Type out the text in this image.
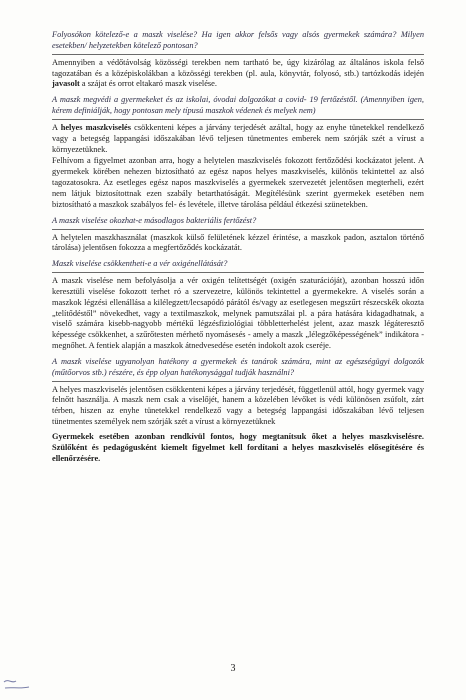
Folyosókon kötelező-e a maszk viselése? Ha igen akkor felsős vagy alsós gyermekek számára? Milyen esetekben/ helyzetekben kötelező pontosan?

Amennyiben a védőtávolság közösségi terekben nem tartható be, úgy kizárólag az általános iskola felső tagozatában és a középiskolákban a közösségi terekben (pl. aula, könyvtár, folyosó, stb.) tartózkodás idején javasolt a szájat és orrot eltakaró maszk viselése.

A maszk megvédi a gyermekeket és az iskolai, óvodai dolgozókat a covid- 19 fertőzéstől. (Amennyiben igen, kérem definiálják, hogy pontosan mely típusú maszkok védenek és melyek nem)

A helyes maszkviselés csökkenteni képes a járvány terjedését azáltal, hogy az enyhe tünetekkel rendelkező vagy a betegség lappangási időszakában lévő teljesen tünetmentes emberek nem szórják szét a vírust a környezetüknek.

Felhívom a figyelmet azonban arra, hogy a helytelen maszkviselés fokozott fertőződési kockázatot jelent. A gyermekek körében nehezen biztosítható az egész napos helyes maszkviselés, különös tekintettel az alsó tagozatosokra. Az esetleges egész napos maszkviselés a gyermekek szervezetét jelentősen megterheli, ezért nem látjuk biztosítottnak ezen szabály betarthatóságát. Megítélésünk szerint gyermekek esetében nem biztosítható a maszkok szabályos fel- és levétele, illetve tárolása például étkezési szünetekben.

A maszk viselése okozhat-e másodlagos bakteriális fertőzést?

A helytelen maszkhasználat (maszkok külső felületének kézzel érintése, a maszkok padon, asztalon történő tárolása) jelentősen fokozza a megfertőződés kockázatát.

Maszk viselése csökkentheti-e a vér oxigénellátását?

A maszk viselése nem befolyásolja a vér oxigén telítettségét (oxigén szaturációját), azonban hosszú időn keresztüli viselése fokozott terhet ró a szervezetre, különös tekintettel a gyermekekre. A viselés során a maszkok légzési ellenállása a kilélegzett/lecsapódó párától és/vagy az esetlegesen megszűrt részecskék okozta „telítődéstől” növekedhet, vagy a textilmaszkok, melynek pamutszálai pl. a pára hatására kidagadhatnak, a viselő számára kisebb-nagyobb mértékű légzésfiziológiai többletterhelést jelent, azaz maszk légáteresztő képessége csökkenhet, a szűrőtesten mérhető nyomásesés - amely a maszk „lélegzőképességének” indikátora - megnőhet. A fentiek alapján a maszkok átnedvesedése esetén indokolt azok cseréje.

A maszk viselése ugyanolyan hatékony a gyermekek és tanárok számára, mint az egészségügyi dolgozók (műtőorvos stb.) részére, és épp olyan hatékonysággal tudják használni?

A helyes maszkviselés jelentősen csökkenteni képes a járvány terjedését, függetlenül attól, hogy gyermek vagy felnőtt használja. A maszk nem csak a viselőjét, hanem a közelében lévőket is védi különösen zsúfolt, zárt térben, hiszen az enyhe tünetekkel rendelkező vagy a betegség lappangási időszakában lévő teljesen tünetmentes személyek nem szórják szét a vírust a környezetüknek

Gyermekek esetében azonban rendkívül fontos, hogy megtanítsuk őket a helyes maszkviselésre. Szülőként és pedagógusként kiemelt figyelmet kell fordítani a helyes maszkviselés elősegítésére és ellenőrzésére.

3
